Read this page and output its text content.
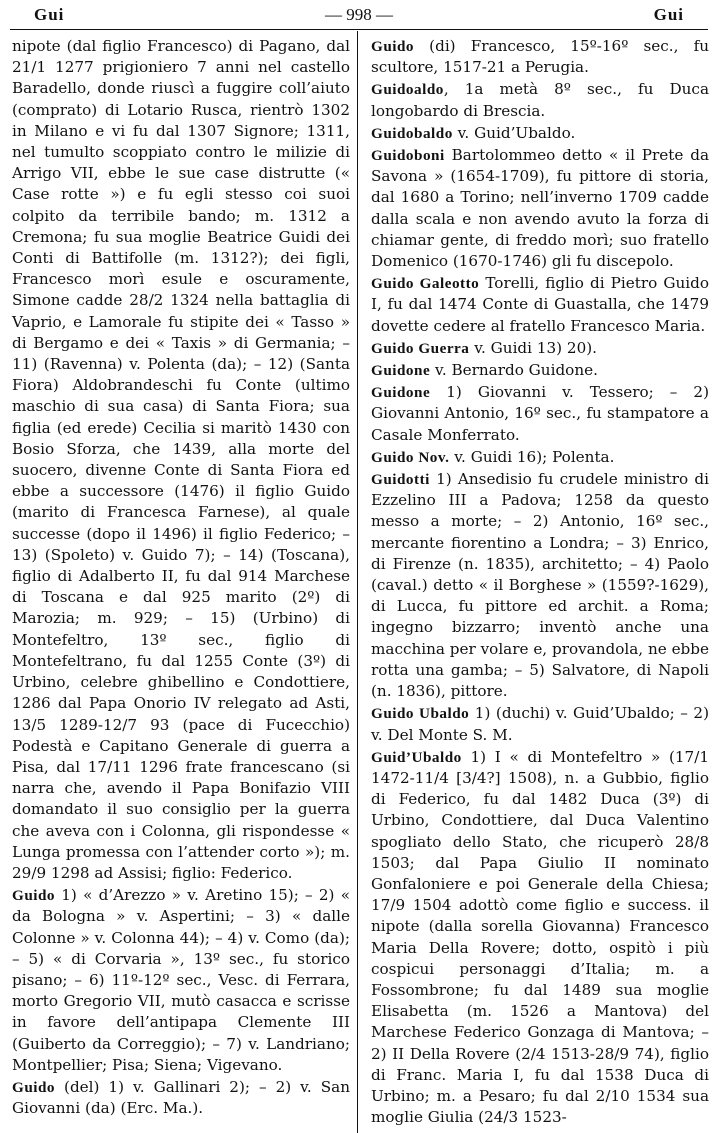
Gui	— 998 —	Gui

nipote (dal figlio Francesco) di Pagano, dal 21/1 1277 prigioniero 7 anni nel castello Baradello, donde riuscì a fuggire coll’aiuto (comprato) di Lotario Rusca, rientrò 1302 in Milano e vi fu dal 1307 Signore; 1311, nel tumulto scoppiato contro le milizie di Arrigo VII, ebbe le sue case distrutte (« Case rotte ») e fu egli stesso coi suoi colpito da terribile bando; m. 1312 a Cremona; fu sua moglie Beatrice Guidi dei Conti di Battifolle (m. 1312?); dei figli, Francesco morì esule e oscuramente, Simone cadde 28/2 1324 nella battaglia di Vaprio, e Lamorale fu stipite dei « Tasso » di Bergamo e dei « Taxis » di Germania; – 11) (Ravenna) v. Polenta (da); – 12) (Santa Fiora) Aldobrandeschi fu Conte (ultimo maschio di sua casa) di Santa Fiora; sua figlia (ed erede) Cecilia si maritò 1430 con Bosio Sforza, che 1439, alla morte del suocero, divenne Conte di Santa Fiora ed ebbe a successore (1476) il figlio Guido (marito di Francesca Farnese), al quale successe (dopo il 1496) il figlio Federico; – 13) (Spoleto) v. Guido 7); – 14) (Toscana), figlio di Adalberto II, fu dal 914 Marchese di Toscana e dal 925 marito (2º) di Marozia; m. 929; – 15) (Urbino) di Montefeltro, 13º sec., figlio di Montefeltrano, fu dal 1255 Conte (3º) di Urbino, celebre ghibellino e Condottiere, 1286 dal Papa Onorio IV relegato ad Asti, 13/5 1289-12/7 93 (pace di Fucecchio) Podestà e Capitano Generale di guerra a Pisa, dal 17/11 1296 frate francescano (si narra che, avendo il Papa Bonifazio VIII domandato il suo consiglio per la guerra che aveva con i Colonna, gli rispondesse « Lunga promessa con l’attender corto »); m. 29/9 1298 ad Assisi; figlio: Federico.

Guido 1) « d’Arezzo » v. Aretino 15); – 2) « da Bologna » v. Aspertini; – 3) « dalle Colonne » v. Colonna 44); – 4) v. Como (da); – 5) « di Corvaria », 13º sec., fu storico pisano; – 6) 11º-12º sec., Vesc. di Ferrara, morto Gregorio VII, mutò casacca e scrisse in favore dell’antipapa Clemente III (Guiberto da Correggio); – 7) v. Landriano; Montpellier; Pisa; Siena; Vigevano.

Guido (del) 1) v. Gallinari 2); – 2) v. San Giovanni (da) (Erc. Ma.).

Guido (di) Francesco, 15º-16º sec., fu scultore, 1517-21 a Perugia.

Guidoaldo, 1a metà 8º sec., fu Duca longobardo di Brescia.

Guidobaldo v. Guid’Ubaldo.

Guidoboni Bartolommeo detto « il Prete da Savona » (1654-1709), fu pittore di storia, dal 1680 a Torino; nell’inverno 1709 cadde dalla scala e non avendo avuto la forza di chiamar gente, di freddo morì; suo fratello Domenico (1670-1746) gli fu discepolo.

Guido Galeotto Torelli, figlio di Pietro Guido I, fu dal 1474 Conte di Guastalla, che 1479 dovette cedere al fratello Francesco Maria.

Guido Guerra v. Guidi 13) 20).

Guidone v. Bernardo Guidone.

Guidone 1) Giovanni v. Tessero; – 2) Giovanni Antonio, 16º sec., fu stampatore a Casale Monferrato.

Guido Nov. v. Guidi 16); Polenta.

Guidotti 1) Ansedisio fu crudele ministro di Ezzelino III a Padova; 1258 da questo messo a morte; – 2) Antonio, 16º sec., mercante fiorentino a Londra; – 3) Enrico, di Firenze (n. 1835), architetto; – 4) Paolo (caval.) detto « il Borghese » (1559?-1629), di Lucca, fu pittore ed archit. a Roma; ingegno bizzarro; inventò anche una macchina per volare e, provandola, ne ebbe rotta una gamba; – 5) Salvatore, di Napoli (n. 1836), pittore.

Guido Ubaldo 1) (duchi) v. Guid’Ubaldo; – 2) v. Del Monte S. M.

Guid’Ubaldo 1) I « di Montefeltro » (17/1 1472-11/4 [3/4?] 1508), n. a Gubbio, figlio di Federico, fu dal 1482 Duca (3º) di Urbino, Condottiere, dal Duca Valentino spogliato dello Stato, che ricuperò 28/8 1503; dal Papa Giulio II nominato Gonfaloniere e poi Generale della Chiesa; 17/9 1504 adottò come figlio e success. il nipote (dalla sorella Giovanna) Francesco Maria Della Rovere; dotto, ospitò i più cospicui personaggi d’Italia; m. a Fossombrone; fu dal 1489 sua moglie Elisabetta (m. 1526 a Mantova) del Marchese Federico Gonzaga di Mantova; – 2) II Della Rovere (2/4 1513-28/9 74), figlio di Franc. Maria I, fu dal 1538 Duca di Urbino; m. a Pesaro; fu dal 2/10 1534 sua moglie Giulia (24/3 1523-
